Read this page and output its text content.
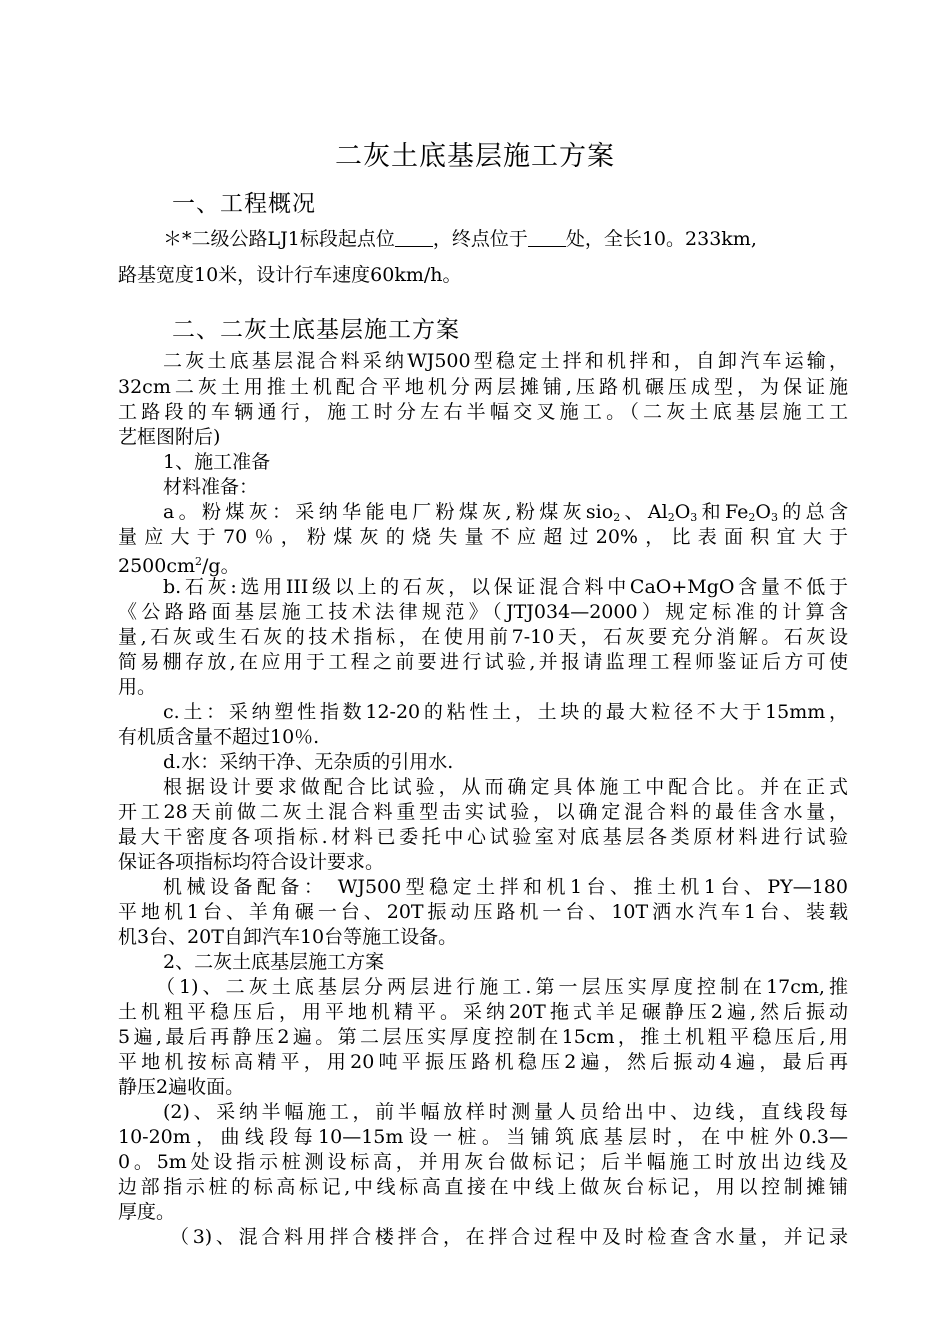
二灰土底基层施工方案
一、工程概况
＊*二级公路LJ1标段起点位 ，终点位于 处，全长10。233km,
路基宽度10米，设计行车速度60km/h。
二、二灰土底基层施工方案
二灰土底基层混合料采纳WJ500型稳定土拌和机拌和，自卸汽车运输，
32cm二灰土用推土机配合平地机分两层摊铺,压路机碾压成型，为保证施
工路段的车辆通行，施工时分左右半幅交叉施工。（二灰土底基层施工工
艺框图附后)
1、施工准备
材料准备：
a。粉煤灰：采纳华能电厂粉煤灰,粉煤灰sio$_2$、$Al_2O_3$和$Fe_2O_3$的总含
量应大于70％，粉煤灰的烧失量不应超过20%，比表面积宜大于
$2500cm^2/g$。
b.石灰:选用III级以上的石灰，以保证混合料中CaO+MgO含量不低于
《公路路面基层施工技术法律规范》（JTJ034—2000）规定标准的计算含
量,石灰或生石灰的技术指标，在使用前7-10天，石灰要充分消解。石灰设
简易棚存放,在应用于工程之前要进行试验,并报请监理工程师鉴证后方可使
用。
c.土：采纳塑性指数12-20的粘性土，土块的最大粒径不大于15mm，
有机质含量不超过10％.
d.水：采纳干净、无杂质的引用水.
根据设计要求做配合比试验，从而确定具体施工中配合比。并在正式
开工28天前做二灰土混合料重型击实试验，以确定混合料的最佳含水量，
最大干密度各项指标.材料已委托中心试验室对底基层各类原材料进行试验
保证各项指标均符合设计要求。
机械设备配备： WJ500型稳定土拌和机1台、推土机1台、PY—180
平地机1台、羊角碾一台、20T振动压路机一台、10T洒水汽车1台、装载
机3台、20T自卸汽车10台等施工设备。
2、二灰土底基层施工方案
（1)、二灰土底基层分两层进行施工.第一层压实厚度控制在17cm,推
土机粗平稳压后，用平地机精平。采纳20T拖式羊足碾静压2遍,然后振动
5遍,最后再静压2遍。第二层压实厚度控制在15cm，推土机粗平稳压后,用
平地机按标高精平，用20吨平振压路机稳压2遍，然后振动4遍，最后再
静压2遍收面。
(2)、采纳半幅施工，前半幅放样时测量人员给出中、边线，直线段每
10-20m，曲线段每10—15m设一桩。当铺筑底基层时，在中桩外0.3—
0。5m处设指示桩测设标高，并用灰台做标记；后半幅施工时放出边线及
边部指示桩的标高标记,中线标高直接在中线上做灰台标记，用以控制摊铺
厚度。
（3)、混合料用拌合楼拌合，在拌合过程中及时检查含水量，并记录
